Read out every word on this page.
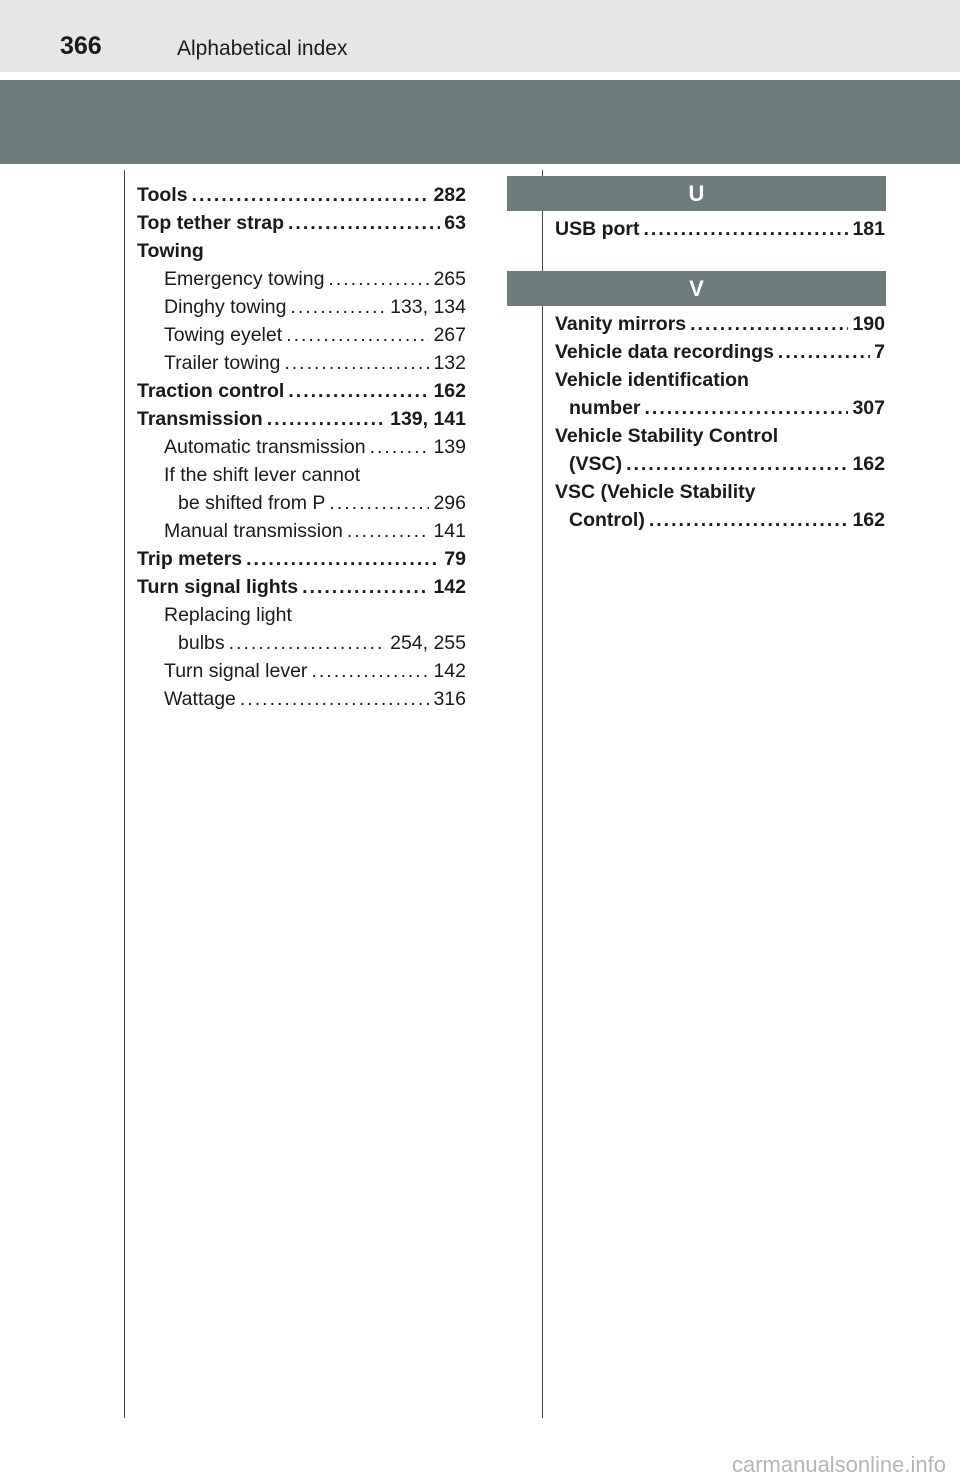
366	Alphabetical index
Tools .....	282
Top tether strap .....	63
Towing
Emergency towing .....	265
Dinghy towing .....	133, 134
Towing eyelet .....	267
Trailer towing .....	132
Traction control .....	162
Transmission .....	139, 141
Automatic transmission .....	139
If the shift lever cannot
be shifted from P .....	296
Manual transmission .....	141
Trip meters .....	79
Turn signal lights .....	142
Replacing light
bulbs .....	254, 255
Turn signal lever .....	142
Wattage .....	316
U
USB port .....	181
V
Vanity mirrors .....	190
Vehicle data recordings .....	7
Vehicle identification
number .....	307
Vehicle Stability Control
(VSC) .....	162
VSC (Vehicle Stability
Control) .....	162
carmanualsonline.info
